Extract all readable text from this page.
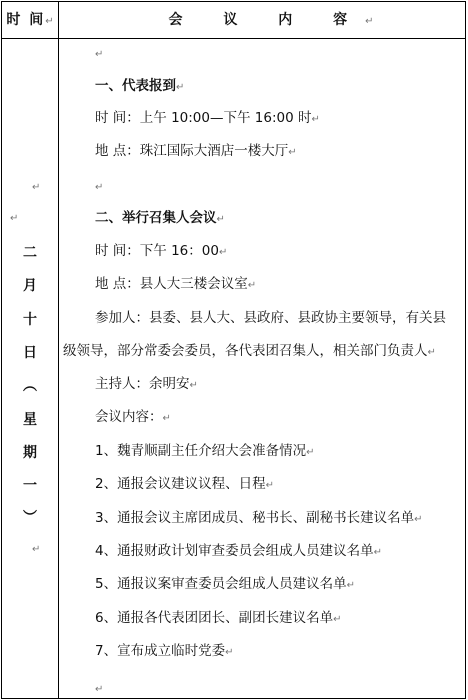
时 间↵	会 议 内 容↵
↵
↵
二
月
十
日
︵
星
期
一
︶
↵
↵
一、代表报到↵
时 间：上午 10:00—下午 16:00 时↵
地 点：珠江国际大酒店一楼大厅↵
↵
二、举行召集人会议↵
时 间：下午 16：00↵
地 点：县人大三楼会议室↵
参加人：县委、县人大、县政府、县政协主要领导，有关县
级领导，部分常委会委员，各代表团召集人，相关部门负责人↵
主持人：余明安↵
会议内容：↵
1、魏青顺副主任介绍大会准备情况↵
2、通报会议建议议程、日程↵
3、通报会议主席团成员、秘书长、副秘书长建议名单↵
4、通报财政计划审查委员会组成人员建议名单↵
5、通报议案审查委员会组成人员建议名单↵
6、通报各代表团团长、副团长建议名单↵
7、宣布成立临时党委↵
↵
